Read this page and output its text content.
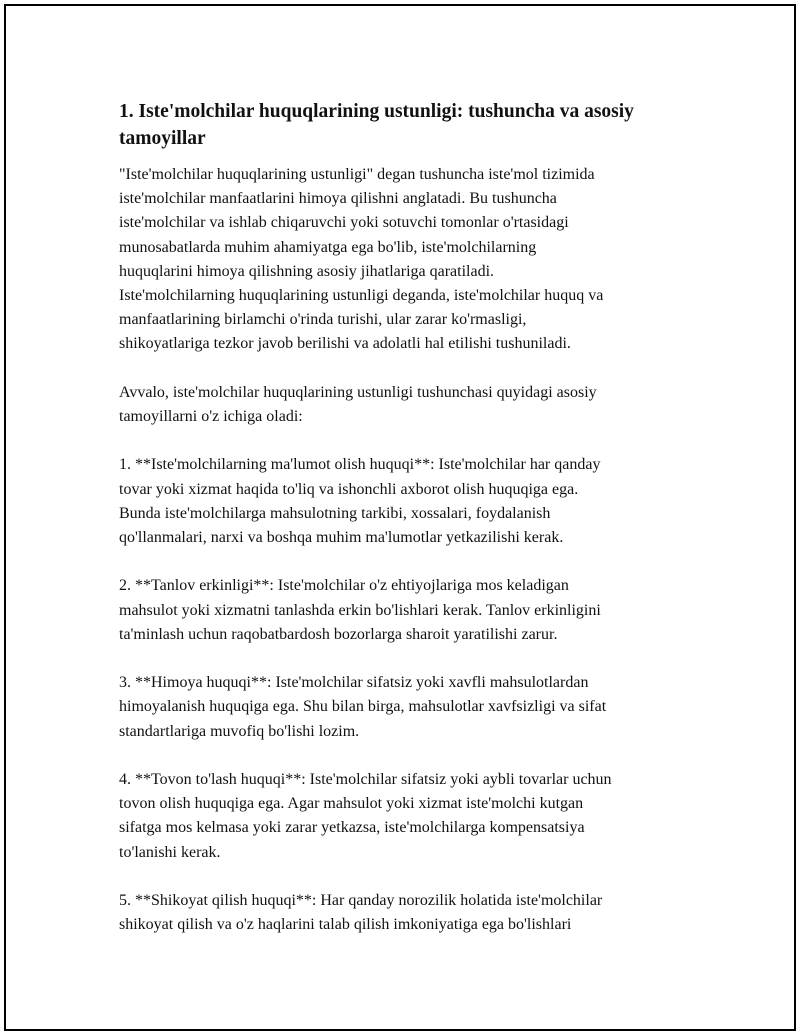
1. Iste'molchilar huquqlarining ustunligi: tushuncha va asosiy tamoyillar

"Iste'molchilar huquqlarining ustunligi" degan tushuncha iste'mol tizimida
iste'molchilar manfaatlarini himoya qilishni anglatadi. Bu tushuncha
iste'molchilar va ishlab chiqaruvchi yoki sotuvchi tomonlar o'rtasidagi
munosabatlarda muhim ahamiyatga ega bo'lib, iste'molchilarning
huquqlarini himoya qilishning asosiy jihatlariga qaratiladi.
Iste'molchilarning huquqlarining ustunligi deganda, iste'molchilar huquq va
manfaatlarining birlamchi o'rinda turishi, ular zarar ko'rmasligi,
shikoyatlariga tezkor javob berilishi va adolatli hal etilishi tushuniladi.

Avvalo, iste'molchilar huquqlarining ustunligi tushunchasi quyidagi asosiy
tamoyillarni o'z ichiga oladi:

1. **Iste'molchilarning ma'lumot olish huquqi**: Iste'molchilar har qanday
tovar yoki xizmat haqida to'liq va ishonchli axborot olish huquqiga ega.
Bunda iste'molchilarga mahsulotning tarkibi, xossalari, foydalanish
qo'llanmalari, narxi va boshqa muhim ma'lumotlar yetkazilishi kerak.

2. **Tanlov erkinligi**: Iste'molchilar o'z ehtiyojlariga mos keladigan
mahsulot yoki xizmatni tanlashda erkin bo'lishlari kerak. Tanlov erkinligini
ta'minlash uchun raqobatbardosh bozorlarga sharoit yaratilishi zarur.

3. **Himoya huquqi**: Iste'molchilar sifatsiz yoki xavfli mahsulotlardan
himoyalanish huquqiga ega. Shu bilan birga, mahsulotlar xavfsizligi va sifat
standartlariga muvofiq bo'lishi lozim.

4. **Tovon to'lash huquqi**: Iste'molchilar sifatsiz yoki aybli tovarlar uchun
tovon olish huquqiga ega. Agar mahsulot yoki xizmat iste'molchi kutgan
sifatga mos kelmasa yoki zarar yetkazsa, iste'molchilarga kompensatsiya
to'lanishi kerak.

5. **Shikoyat qilish huquqi**: Har qanday norozilik holatida iste'molchilar
shikoyat qilish va o'z haqlarini talab qilish imkoniyatiga ega bo'lishlari
